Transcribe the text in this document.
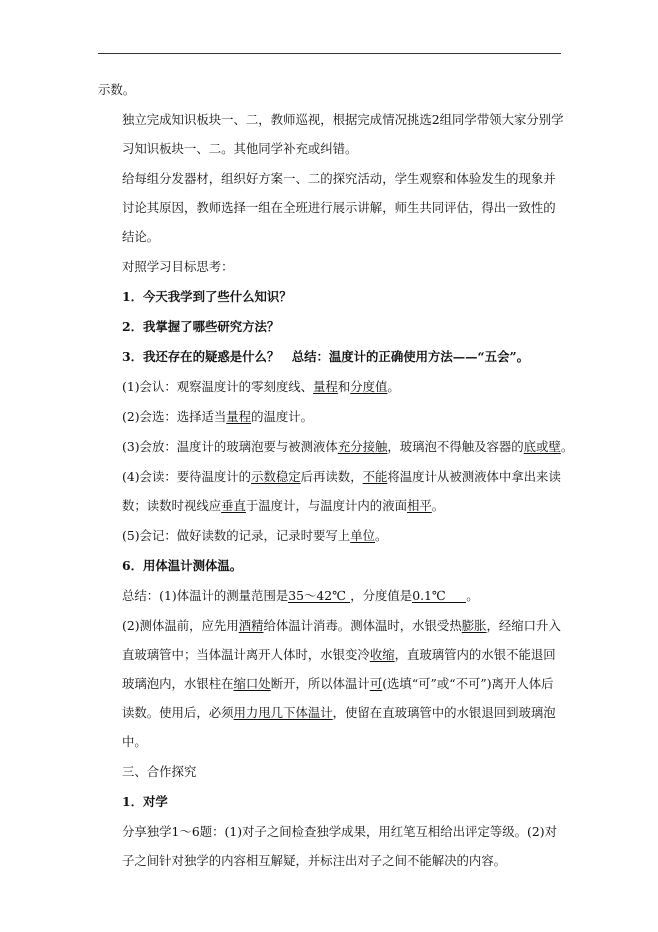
示数。

独立完成知识板块一、二，教师巡视，根据完成情况挑选2组同学带领大家分别学习知识板块一、二。其他同学补充或纠错。

给每组分发器材，组织好方案一、二的探究活动，学生观察和体验发生的现象并讨论其原因，教师选择一组在全班进行展示讲解，师生共同评估，得出一致性的结论。

对照学习目标思考：

1．今天我学到了些什么知识？

2．我掌握了哪些研究方法？

3．我还存在的疑惑是什么？　总结：温度计的正确使用方法——“五会”。

(1)会认：观察温度计的零刻度线、量程和分度值。

(2)会选：选择适当量程的温度计。

(3)会放：温度计的玻璃泡要与被测液体充分接触，玻璃泡不得触及容器的底或壁。

(4)会读：要待温度计的示数稳定后再读数，不能将温度计从被测液体中拿出来读数；读数时视线应垂直于温度计，与温度计内的液面相平。

(5)会记：做好读数的记录，记录时要写上单位。

6．用体温计测体温。

总结：(1)体温计的测量范围是35～42℃ ，分度值是0.1℃ 。

(2)测体温前，应先用酒精给体温计消毒。测体温时，水银受热膨胀，经缩口升入直玻璃管中；当体温计离开人体时，水银变冷收缩，直玻璃管内的水银不能退回玻璃泡内，水银柱在缩口处断开，所以体温计可(选填“可”或“不可”)离开人体后读数。使用后，必须用力甩几下体温计，使留在直玻璃管中的水银退回到玻璃泡中。

三、合作探究

1．对学

分享独学1～6题：(1)对子之间检查独学成果，用红笔互相给出评定等级。(2)对子之间针对独学的内容相互解疑，并标注出对子之间不能解决的内容。
